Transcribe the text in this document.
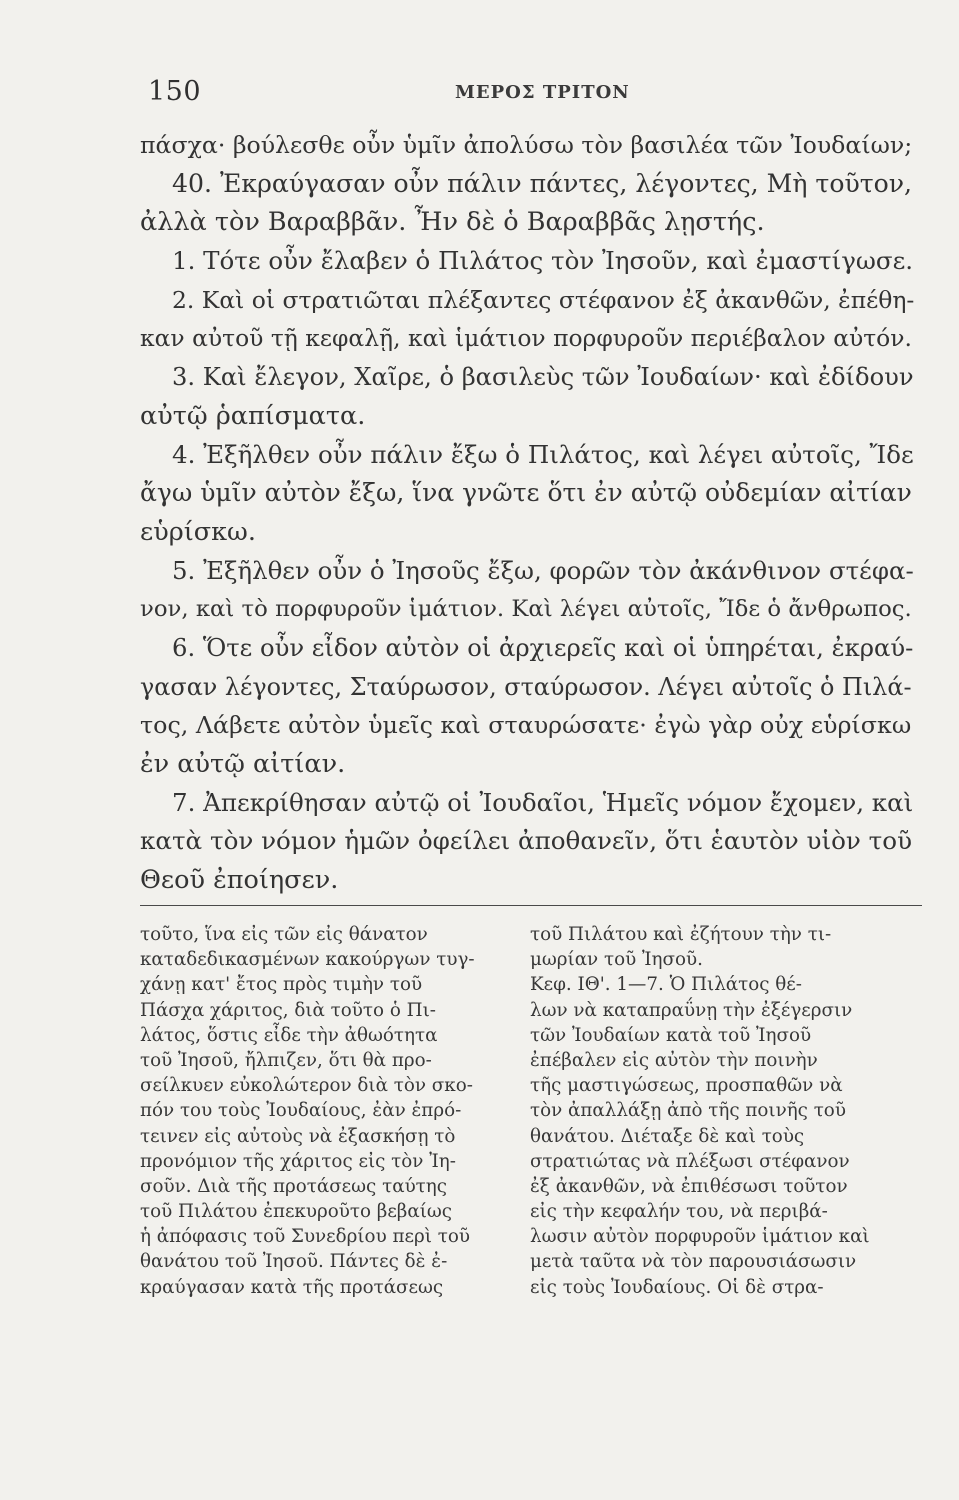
150	ΜΕΡΟΣ ΤΡΙΤΟΝ
πάσχα· βούλεσθε οὖν ὑμῖν ἀπολύσω τὸν βασιλέα τῶν Ἰουδαίων;
40. Ἐκραύγασαν οὖν πάλιν πάντες, λέγοντες, Μὴ τοῦτον,
ἀλλὰ τὸν Βαραββᾶν. Ἦν δὲ ὁ Βαραββᾶς λῃστής.
1. Τότε οὖν ἔλαβεν ὁ Πιλάτος τὸν Ἰησοῦν, καὶ ἐμαστίγωσε.
2. Καὶ οἱ στρατιῶται πλέξαντες στέφανον ἐξ ἀκανθῶν, ἐπέθη-
καν αὐτοῦ τῇ κεφαλῇ, καὶ ἱμάτιον πορφυροῦν περιέβαλον αὐτόν.
3. Καὶ ἔλεγον, Χαῖρε, ὁ βασιλεὺς τῶν Ἰουδαίων· καὶ ἐδίδουν
αὐτῷ ῥαπίσματα.
4. Ἐξῆλθεν οὖν πάλιν ἔξω ὁ Πιλάτος, καὶ λέγει αὐτοῖς, Ἴδε
ἄγω ὑμῖν αὐτὸν ἔξω, ἵνα γνῶτε ὅτι ἐν αὐτῷ οὐδεμίαν αἰτίαν
εὑρίσκω.
5. Ἐξῆλθεν οὖν ὁ Ἰησοῦς ἔξω, φορῶν τὸν ἀκάνθινον στέφα-
νον, καὶ τὸ πορφυροῦν ἱμάτιον. Καὶ λέγει αὐτοῖς, Ἴδε ὁ ἄνθρωπος.
6. Ὅτε οὖν εἶδον αὐτὸν οἱ ἀρχιερεῖς καὶ οἱ ὑπηρέται, ἐκραύ-
γασαν λέγοντες, Σταύρωσον, σταύρωσον. Λέγει αὐτοῖς ὁ Πιλά-
τος, Λάβετε αὐτὸν ὑμεῖς καὶ σταυρώσατε· ἐγὼ γὰρ οὐχ εὑρίσκω
ἐν αὐτῷ αἰτίαν.
7. Ἀπεκρίθησαν αὐτῷ οἱ Ἰουδαῖοι, Ἡμεῖς νόμον ἔχομεν, καὶ
κατὰ τὸν νόμον ἡμῶν ὀφείλει ἀποθανεῖν, ὅτι ἑαυτὸν υἱὸν τοῦ
Θεοῦ ἐποίησεν.
τοῦτο, ἵνα εἰς τῶν εἰς θάνατον
καταδεδικασμένων κακούργων τυγ-
χάνῃ κατ' ἔτος πρὸς τιμὴν τοῦ
Πάσχα χάριτος, διὰ τοῦτο ὁ Πι-
λάτος, ὅστις εἶδε τὴν ἀθωότητα
τοῦ Ἰησοῦ, ἤλπιζεν, ὅτι θὰ προ-
σείλκυεν εὐκολώτερον διὰ τὸν σκο-
πόν του τοὺς Ἰουδαίους, ἐὰν ἐπρό-
τεινεν εἰς αὐτοὺς νὰ ἐξασκήσῃ τὸ
προνόμιον τῆς χάριτος εἰς τὸν Ἰη-
σοῦν. Διὰ τῆς προτάσεως ταύτης
τοῦ Πιλάτου ἐπεκυροῦτο βεβαίως
ἡ ἀπόφασις τοῦ Συνεδρίου περὶ τοῦ
θανάτου τοῦ Ἰησοῦ. Πάντες δὲ ἐ-
κραύγασαν κατὰ τῆς προτάσεως
τοῦ Πιλάτου καὶ ἐζήτουν τὴν τι-
μωρίαν τοῦ Ἰησοῦ.
Κεφ. ΙΘ'. 1—7. Ὁ Πιλάτος θέ-
λων νὰ καταπραΰνῃ τὴν ἐξέγερσιν
τῶν Ἰουδαίων κατὰ τοῦ Ἰησοῦ
ἐπέβαλεν εἰς αὐτὸν τὴν ποινὴν
τῆς μαστιγώσεως, προσπαθῶν νὰ
τὸν ἀπαλλάξῃ ἀπὸ τῆς ποινῆς τοῦ
θανάτου. Διέταξε δὲ καὶ τοὺς
στρατιώτας νὰ πλέξωσι στέφανον
ἐξ ἀκανθῶν, νὰ ἐπιθέσωσι τοῦτον
εἰς τὴν κεφαλήν του, νὰ περιβά-
λωσιν αὐτὸν πορφυροῦν ἱμάτιον καὶ
μετὰ ταῦτα νὰ τὸν παρουσιάσωσιν
εἰς τοὺς Ἰουδαίους. Οἱ δὲ στρα-
